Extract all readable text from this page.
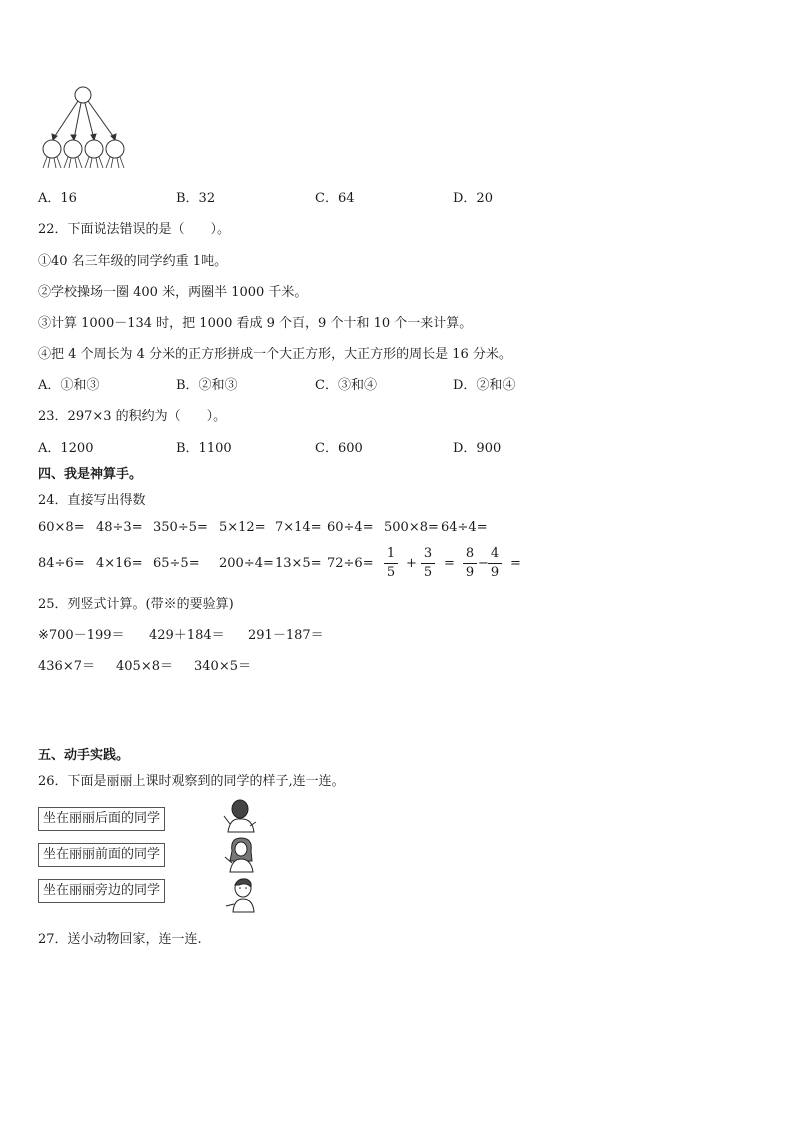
A．16	B．32	C．64	D．20
22．下面说法错误的是（　　）。
①40 名三年级的同学约重 1吨。
②学校操场一圈 400 米，两圈半 1000 千米。
③计算 1000－134 时，把 1000 看成 9 个百，9 个十和 10 个一来计算。
④把 4 个周长为 4 分米的正方形拼成一个大正方形，大正方形的周长是 16 分米。
A．①和③	B．②和③	C．③和④	D．②和④
23．297×3 的积约为（　　）。
A．1200	B．1100	C．600	D．900
四、我是神算手。
24．直接写出得数
60×8= 48÷3= 350÷5= 5×12= 7×14= 60÷4= 500×8= 64÷4=
84÷6= 4×16= 65÷5= 200÷4= 13×5= 72÷6=
1
5
+
3
5
=
8
9
−
4
9
=
25．列竖式计算。(带※的要验算)
※700－199＝ 429＋184＝ 291－187＝
436×7＝ 405×8＝ 340×5＝
五、动手实践。
26．下面是丽丽上课时观察到的同学的样子,连一连。
坐在丽丽后面的同学
坐在丽丽前面的同学
坐在丽丽旁边的同学
27．送小动物回家，连一连.
